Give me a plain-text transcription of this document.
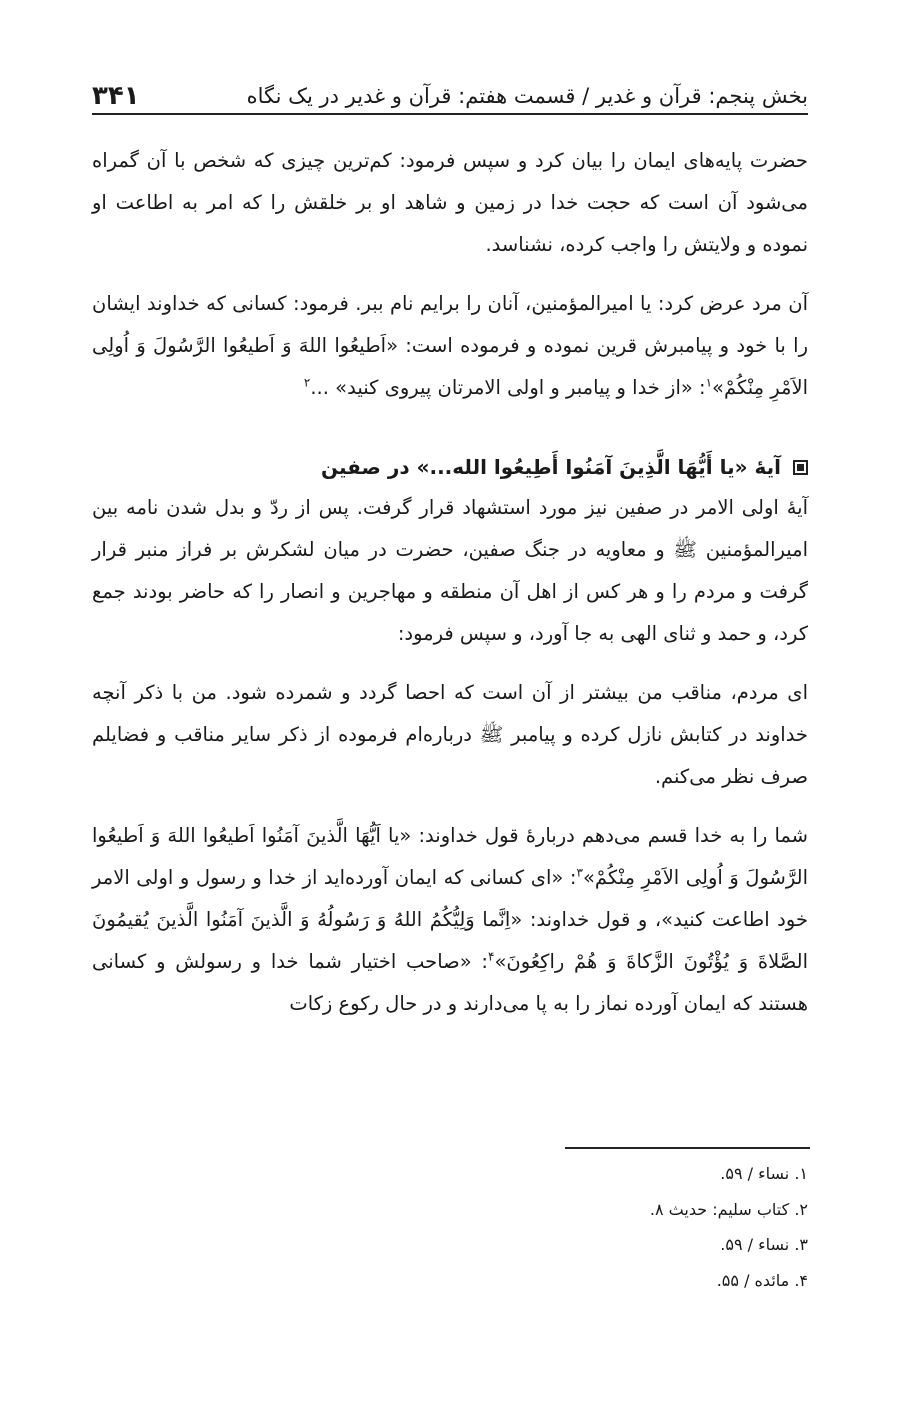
بخش پنجم: قرآن و غدیر / قسمت هفتم: قرآن و غدیر در یک نگاه
۳۴۱

حضرت پایه‌های ایمان را بیان کرد و سپس فرمود: کم‌ترین چیزی که شخص با آن گمراه می‌شود آن است که حجت خدا در زمین و شاهد او بر خلقش را که امر به اطاعت او نموده و ولایتش را واجب کرده، نشناسد.

آن مرد عرض کرد: یا امیرالمؤمنین، آنان را برایم نام ببر. فرمود: کسانی که خداوند ایشان را با خود و پیامبرش قرین نموده و فرموده است: «اَطیعُوا اللهَ وَ اَطیعُوا الرَّسُولَ وَ اُولِی الاَمْرِ مِنْکُمْ»$^۱$: «از خدا و پیامبر و اولی الامرتان پیروی کنید» ...$^۲$

آیهٔ «یا أَیُّهَا الَّذِینَ آمَنُوا أَطِیعُوا الله...» در صفین

آیهٔ اولی الامر در صفین نیز مورد استشهاد قرار گرفت. پس از ردّ و بدل شدن نامه بین امیرالمؤمنین ﷺ و معاویه در جنگ صفین، حضرت در میان لشکرش بر فراز منبر قرار گرفت و مردم را و هر کس از اهل آن منطقه و مهاجرین و انصار را که حاضر بودند جمع کرد، و حمد و ثنای الهی به جا آورد، و سپس فرمود:

ای مردم، مناقب من بیشتر از آن است که احصا گردد و شمرده شود. من با ذکر آنچه خداوند در کتابش نازل کرده و پیامبر ﷺ درباره‌ام فرموده از ذکر سایر مناقب و فضایلم صرف نظر می‌کنم.

شما را به خدا قسم می‌دهم دربارهٔ قول خداوند: «یا اَیُّهَا الَّذینَ آمَنُوا اَطیعُوا اللهَ وَ اَطیعُوا الرَّسُولَ وَ اُولِی الاَمْرِ مِنْکُمْ»$^۳$: «ای کسانی که ایمان آورده‌اید از خدا و رسول و اولی الامر خود اطاعت کنید»، و قول خداوند: «اِنَّما وَلِیُّکُمُ اللهُ وَ رَسُولُهُ وَ الَّذینَ آمَنُوا الَّذینَ یُقیمُونَ الصَّلاةَ وَ یُؤْتُونَ الزَّکاةَ وَ هُمْ راکِعُونَ»$^۴$: «صاحب اختیار شما خدا و رسولش و کسانی هستند که ایمان آورده نماز را به پا می‌دارند و در حال رکوع زکات

۱. نساء / ۵۹.
۲. کتاب سلیم: حدیث ۸.
۳. نساء / ۵۹.
۴. مائده / ۵۵.
